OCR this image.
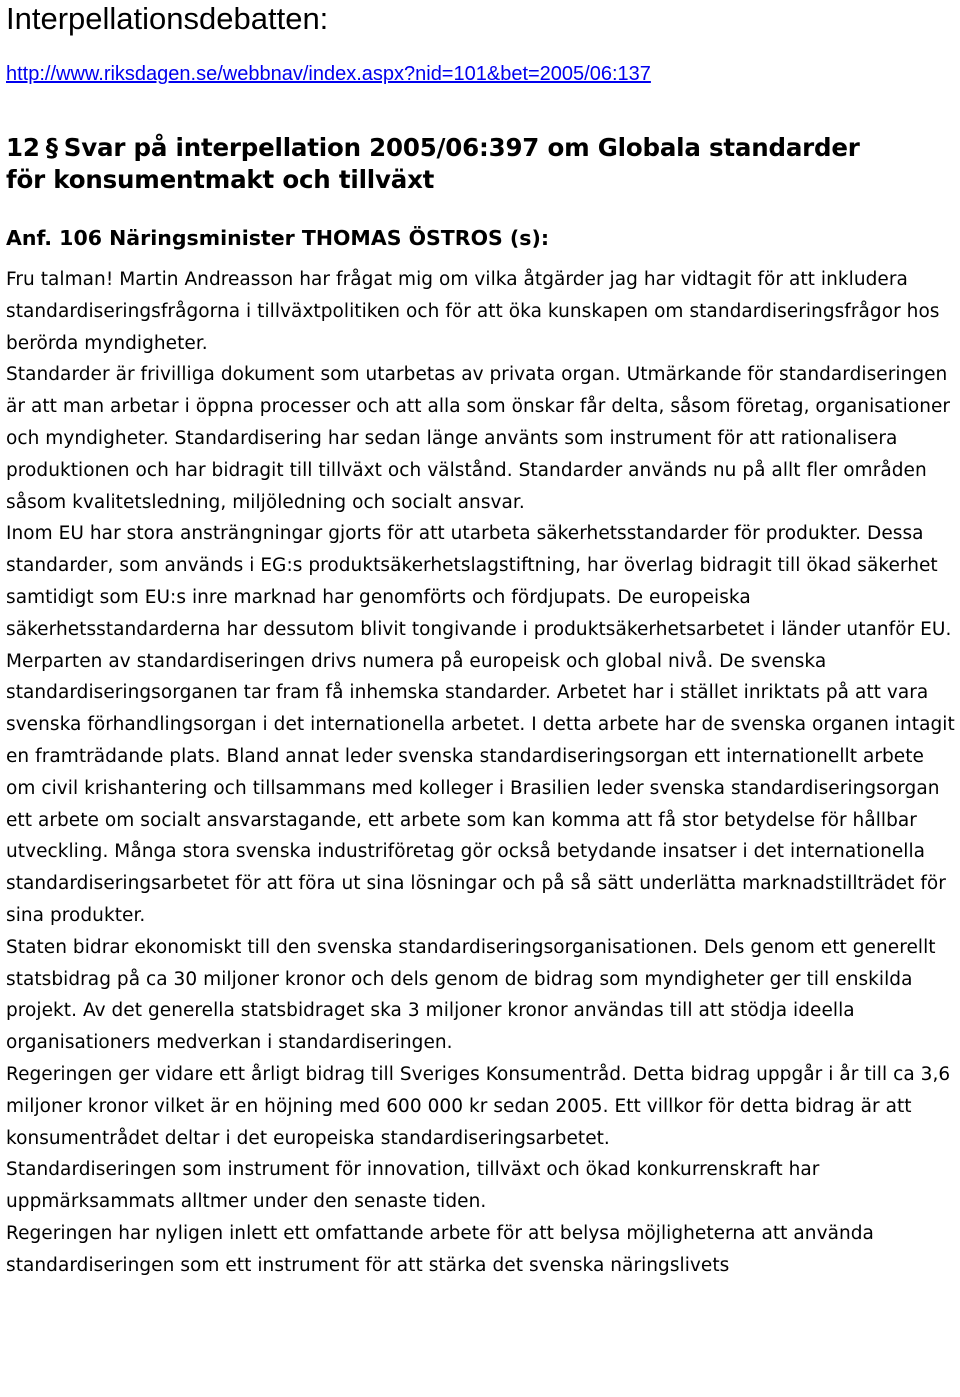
Interpellationsdebatten:
http://www.riksdagen.se/webbnav/index.aspx?nid=101&bet=2005/06:137
12 § Svar på interpellation 2005/06:397 om Globala standarder
för konsumentmakt och tillväxt
Anf. 106 Näringsminister THOMAS ÖSTROS (s):

Fru talman! Martin Andreasson har frågat mig om vilka åtgärder jag har vidtagit för att inkludera standardiseringsfrågorna i tillväxtpolitiken och för att öka kunskapen om standardiseringsfrågor hos berörda myndigheter.

Standarder är frivilliga dokument som utarbetas av privata organ. Utmärkande för standardiseringen är att man arbetar i öppna processer och att alla som önskar får delta, såsom företag, organisationer och myndigheter. Standardisering har sedan länge använts som instrument för att rationalisera produktionen och har bidragit till tillväxt och välstånd. Standarder används nu på allt fler områden såsom kvalitetsledning, miljöledning och socialt ansvar.

Inom EU har stora ansträngningar gjorts för att utarbeta säkerhetsstandarder för produkter. Dessa standarder, som används i EG:s produktsäkerhetslagstiftning, har överlag bidragit till ökad säkerhet samtidigt som EU:s inre marknad har genomförts och fördjupats. De europeiska säkerhetsstandarderna har dessutom blivit tongivande i produktsäkerhetsarbetet i länder utanför EU.

Merparten av standardiseringen drivs numera på europeisk och global nivå. De svenska standardiseringsorganen tar fram få inhemska standarder. Arbetet har i stället inriktats på att vara svenska förhandlingsorgan i det internationella arbetet. I detta arbete har de svenska organen intagit en framträdande plats. Bland annat leder svenska standardiseringsorgan ett internationellt arbete om civil krishantering och tillsammans med kolleger i Brasilien leder svenska standardiseringsorgan ett arbete om socialt ansvarstagande, ett arbete som kan komma att få stor betydelse för hållbar utveckling. Många stora svenska industriföretag gör också betydande insatser i det internationella standardiseringsarbetet för att föra ut sina lösningar och på så sätt underlätta marknadstillträdet för sina produkter.

Staten bidrar ekonomiskt till den svenska standardiseringsorganisationen. Dels genom ett generellt statsbidrag på ca 30 miljoner kronor och dels genom de bidrag som myndigheter ger till enskilda projekt. Av det generella statsbidraget ska 3 miljoner kronor användas till att stödja ideella organisationers medverkan i standardiseringen.

Regeringen ger vidare ett årligt bidrag till Sveriges Konsumentråd. Detta bidrag uppgår i år till ca 3,6 miljoner kronor vilket är en höjning med 600 000 kr sedan 2005. Ett villkor för detta bidrag är att konsumentrådet deltar i det europeiska standardiseringsarbetet.

Standardiseringen som instrument för innovation, tillväxt och ökad konkurrenskraft har uppmärksammats alltmer under den senaste tiden.

Regeringen har nyligen inlett ett omfattande arbete för att belysa möjligheterna att använda standardiseringen som ett instrument för att stärka det svenska näringslivets
